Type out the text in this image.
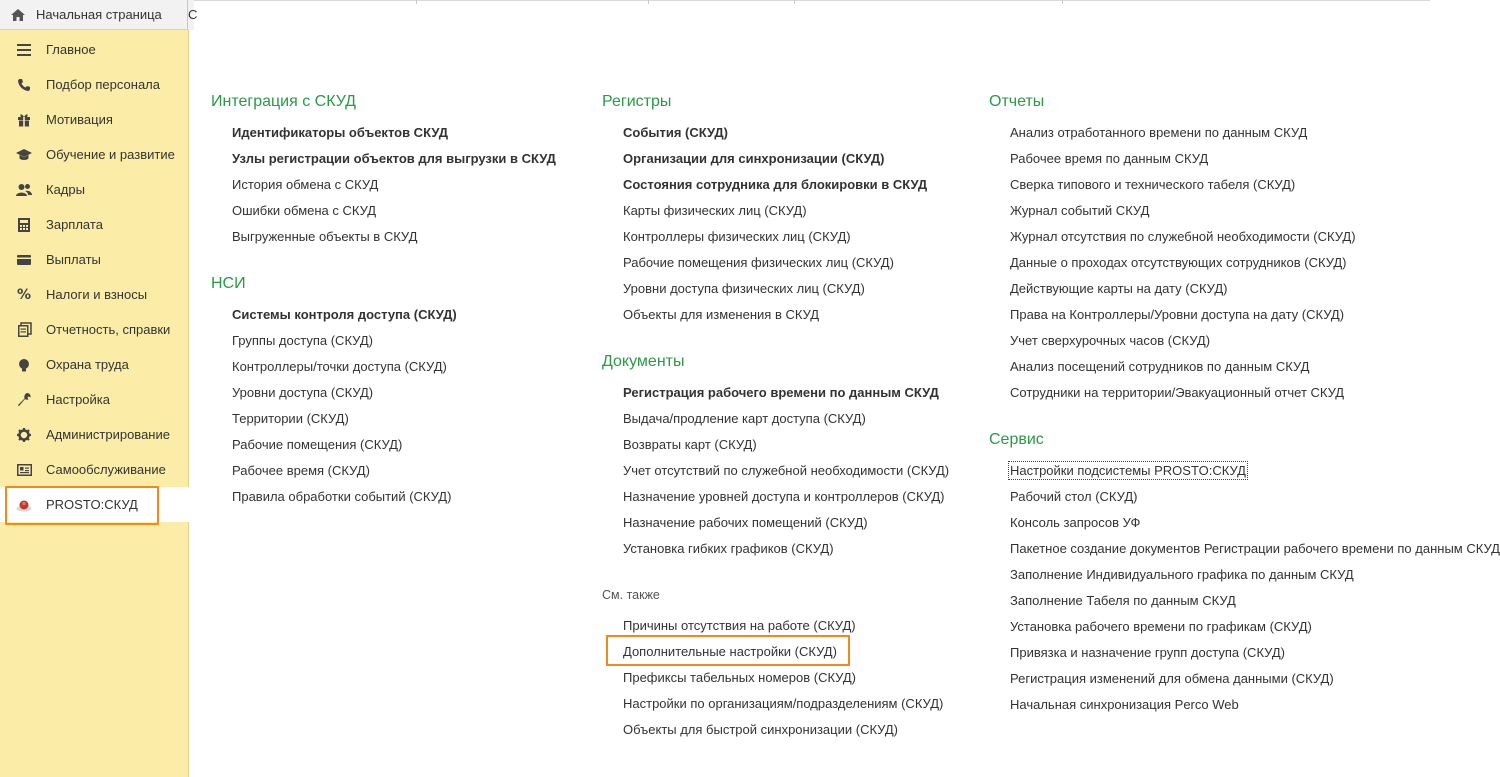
Начальная страница С
Главное
Подбор персонала
Мотивация
Обучение и развитие
Кадры
Зарплата
Выплаты
% Налоги и взносы
Отчетность, справки
Охрана труда
Настройка
Администрирование
Самообслуживание
PROSTO:СКУД
Интеграция с СКУД
Идентификаторы объектов СКУД
Узлы регистрации объектов для выгрузки в СКУД
История обмена с СКУД
Ошибки обмена с СКУД
Выгруженные объекты в СКУД
НСИ
Системы контроля доступа (СКУД)
Группы доступа (СКУД)
Контроллеры/точки доступа (СКУД)
Уровни доступа (СКУД)
Территории (СКУД)
Рабочие помещения (СКУД)
Рабочее время (СКУД)
Правила обработки событий (СКУД)
Регистры
События (СКУД)
Организации для синхронизации (СКУД)
Состояния сотрудника для блокировки в СКУД
Карты физических лиц (СКУД)
Контроллеры физических лиц (СКУД)
Рабочие помещения физических лиц (СКУД)
Уровни доступа физических лиц (СКУД)
Объекты для изменения в СКУД
Документы
Регистрация рабочего времени по данным СКУД
Выдача/продление карт доступа (СКУД)
Возвраты карт (СКУД)
Учет отсутствий по служебной необходимости (СКУД)
Назначение уровней доступа и контроллеров (СКУД)
Назначение рабочих помещений (СКУД)
Установка гибких графиков (СКУД)
См. также
Причины отсутствия на работе (СКУД)
Дополнительные настройки (СКУД)
Префиксы табельных номеров (СКУД)
Настройки по организациям/подразделениям (СКУД)
Объекты для быстрой синхронизации (СКУД)
Отчеты
Анализ отработанного времени по данным СКУД
Рабочее время по данным СКУД
Сверка типового и технического табеля (СКУД)
Журнал событий СКУД
Журнал отсутствия по служебной необходимости (СКУД)
Данные о проходах отсутствующих сотрудников (СКУД)
Действующие карты на дату (СКУД)
Права на Контроллеры/Уровни доступа на дату (СКУД)
Учет сверхурочных часов (СКУД)
Анализ посещений сотрудников по данным СКУД
Сотрудники на территории/Эвакуационный отчет СКУД
Сервис
Настройки подсистемы PROSTO:СКУД
Рабочий стол (СКУД)
Консоль запросов УФ
Пакетное создание документов Регистрации рабочего времени по данным СКУД
Заполнение Индивидуального графика по данным СКУД
Заполнение Табеля по данным СКУД
Установка рабочего времени по графикам (СКУД)
Привязка и назначение групп доступа (СКУД)
Регистрация изменений для обмена данными (СКУД)
Начальная синхронизация Perco Web
